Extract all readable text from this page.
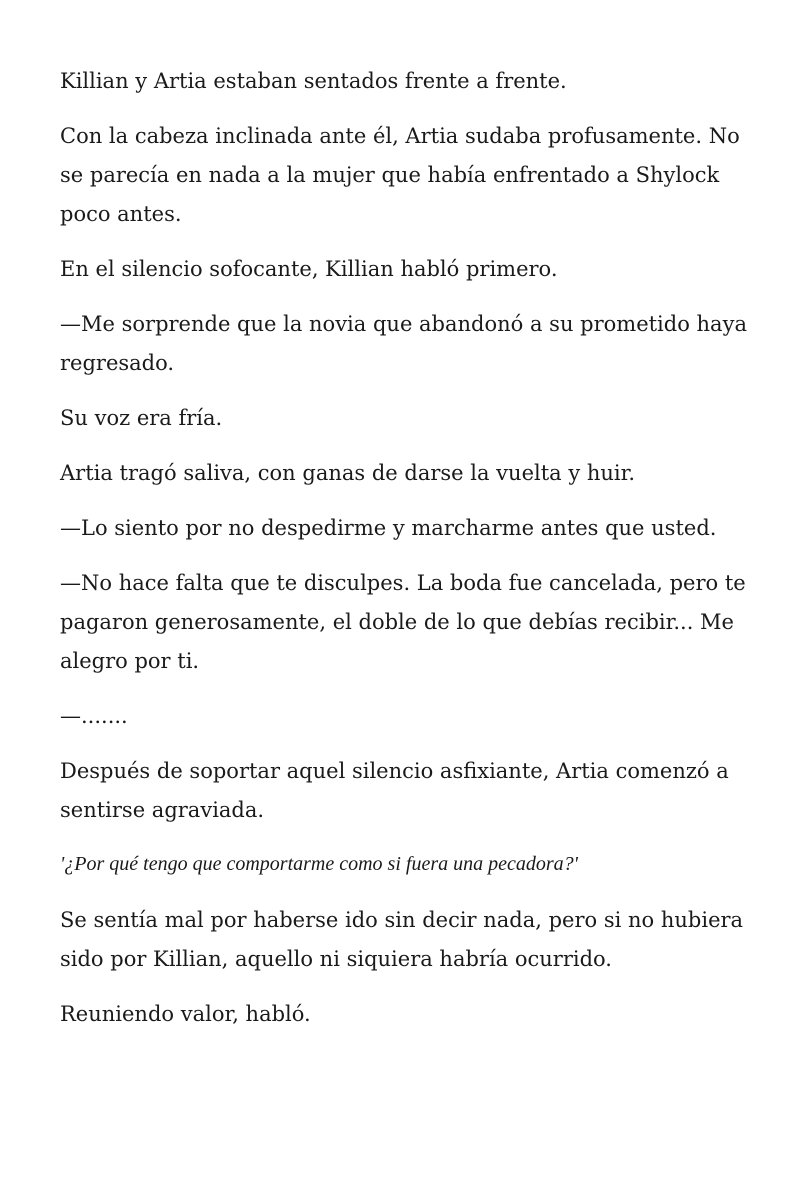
Killian y Artia estaban sentados frente a frente.

Con la cabeza inclinada ante él, Artia sudaba profusamente. No se parecía en nada a la mujer que había enfrentado a Shylock poco antes.

En el silencio sofocante, Killian habló primero.

—Me sorprende que la novia que abandonó a su prometido haya regresado.

Su voz era fría.

Artia tragó saliva, con ganas de darse la vuelta y huir.

—Lo siento por no despedirme y marcharme antes que usted.

—No hace falta que te disculpes. La boda fue cancelada, pero te pagaron generosamente, el doble de lo que debías recibir... Me alegro por ti.

—.......

Después de soportar aquel silencio asfixiante, Artia comenzó a sentirse agraviada.

'¿Por qué tengo que comportarme como si fuera una pecadora?'

Se sentía mal por haberse ido sin decir nada, pero si no hubiera sido por Killian, aquello ni siquiera habría ocurrido.

Reuniendo valor, habló.
